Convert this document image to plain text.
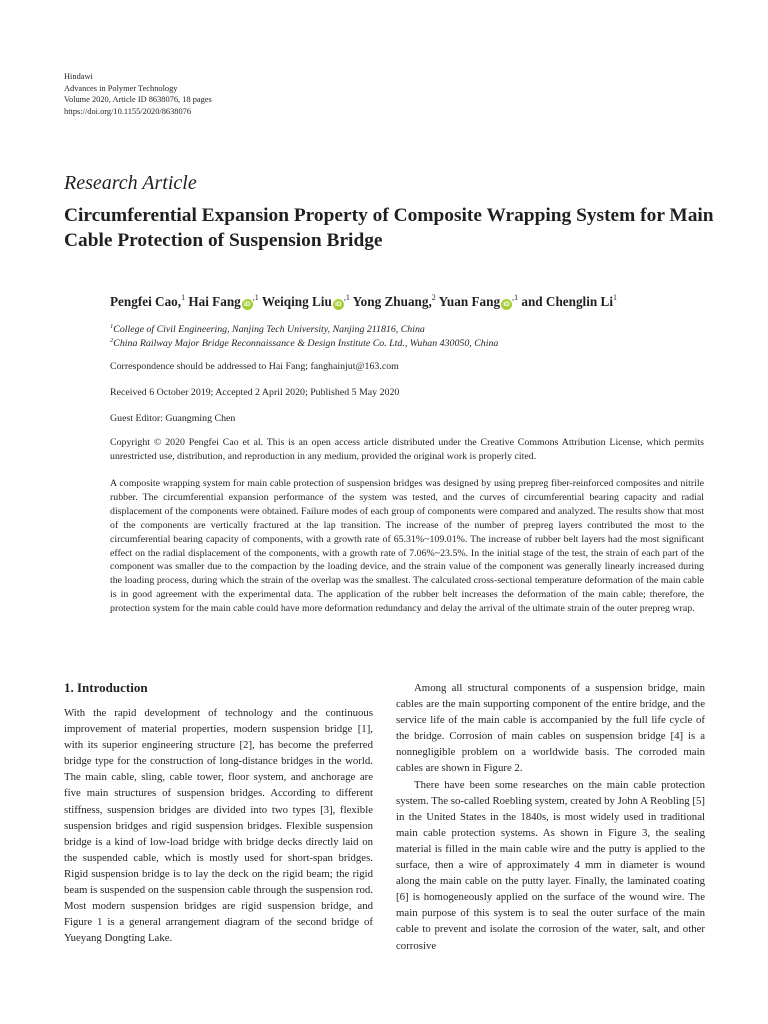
Hindawi
Advances in Polymer Technology
Volume 2020, Article ID 8638076, 18 pages
https://doi.org/10.1155/2020/8638076
Research Article
Circumferential Expansion Property of Composite Wrapping System for Main Cable Protection of Suspension Bridge
Pengfei Cao,$^1$ Hai Fang $iD^{,1}$ Weiqing Liu $iD^{,1}$ Yong Zhuang,$^2$ Yuan Fang $iD^{,1}$ and Chenglin Li$^1$
$^1$College of Civil Engineering, Nanjing Tech University, Nanjing 211816, China
$^2$China Railway Major Bridge Reconnaissance & Design Institute Co. Ltd., Wuhan 430050, China
Correspondence should be addressed to Hai Fang; fanghainjut@163.com
Received 6 October 2019; Accepted 2 April 2020; Published 5 May 2020
Guest Editor: Guangming Chen
Copyright © 2020 Pengfei Cao et al. This is an open access article distributed under the Creative Commons Attribution License, which permits unrestricted use, distribution, and reproduction in any medium, provided the original work is properly cited.
A composite wrapping system for main cable protection of suspension bridges was designed by using prepreg fiber-reinforced composites and nitrile rubber. The circumferential expansion performance of the system was tested, and the curves of circumferential bearing capacity and radial displacement of the components were obtained. Failure modes of each group of components were compared and analyzed. The results show that most of the components are vertically fractured at the lap transition. The increase of the number of prepreg layers contributed the most to the circumferential bearing capacity of components, with a growth rate of 65.31%~109.01%. The increase of rubber belt layers had the most significant effect on the radial displacement of the components, with a growth rate of 7.06%~23.5%. In the initial stage of the test, the strain of each part of the component was smaller due to the compaction by the loading device, and the strain value of the component was generally linearly increased during the loading process, during which the strain of the overlap was the smallest. The calculated cross-sectional temperature deformation of the main cable is in good agreement with the experimental data. The application of the rubber belt increases the deformation of the main cable; therefore, the protection system for the main cable could have more deformation redundancy and delay the arrival of the ultimate strain of the outer prepreg wrap.
1. Introduction

With the rapid development of technology and the continuous improvement of material properties, modern suspension bridge [1], with its superior engineering structure [2], has become the preferred bridge type for the construction of long-distance bridges in the world. The main cable, sling, cable tower, floor system, and anchorage are five main structures of suspension bridges. According to different stiffness, suspension bridges are divided into two types [3], flexible suspension bridges and rigid suspension bridges. Flexible suspension bridge is a kind of low-load bridge with bridge decks directly laid on the suspended cable, which is mostly used for short-span bridges. Rigid suspension bridge is to lay the deck on the rigid beam; the rigid beam is suspended on the suspension cable through the suspension rod. Most modern suspension bridges are rigid suspension bridge, and Figure 1 is a general arrangement diagram of the second bridge of Yueyang Dongting Lake.

Among all structural components of a suspension bridge, main cables are the main supporting component of the entire bridge, and the service life of the main cable is accompanied by the full life cycle of the bridge. Corrosion of main cables on suspension bridge [4] is a nonnegligible problem on a worldwide basis. The corroded main cables are shown in Figure 2.

There have been some researches on the main cable protection system. The so-called Roebling system, created by John A Reobling [5] in the United States in the 1840s, is most widely used in traditional main cable protection systems. As shown in Figure 3, the sealing material is filled in the main cable wire and the putty is applied to the surface, then a wire of approximately 4 mm in diameter is wound along the main cable on the putty layer. Finally, the laminated coating [6] is homogeneously applied on the surface of the wound wire. The main purpose of this system is to seal the outer surface of the main cable to prevent and isolate the corrosion of the water, salt, and other corrosive
